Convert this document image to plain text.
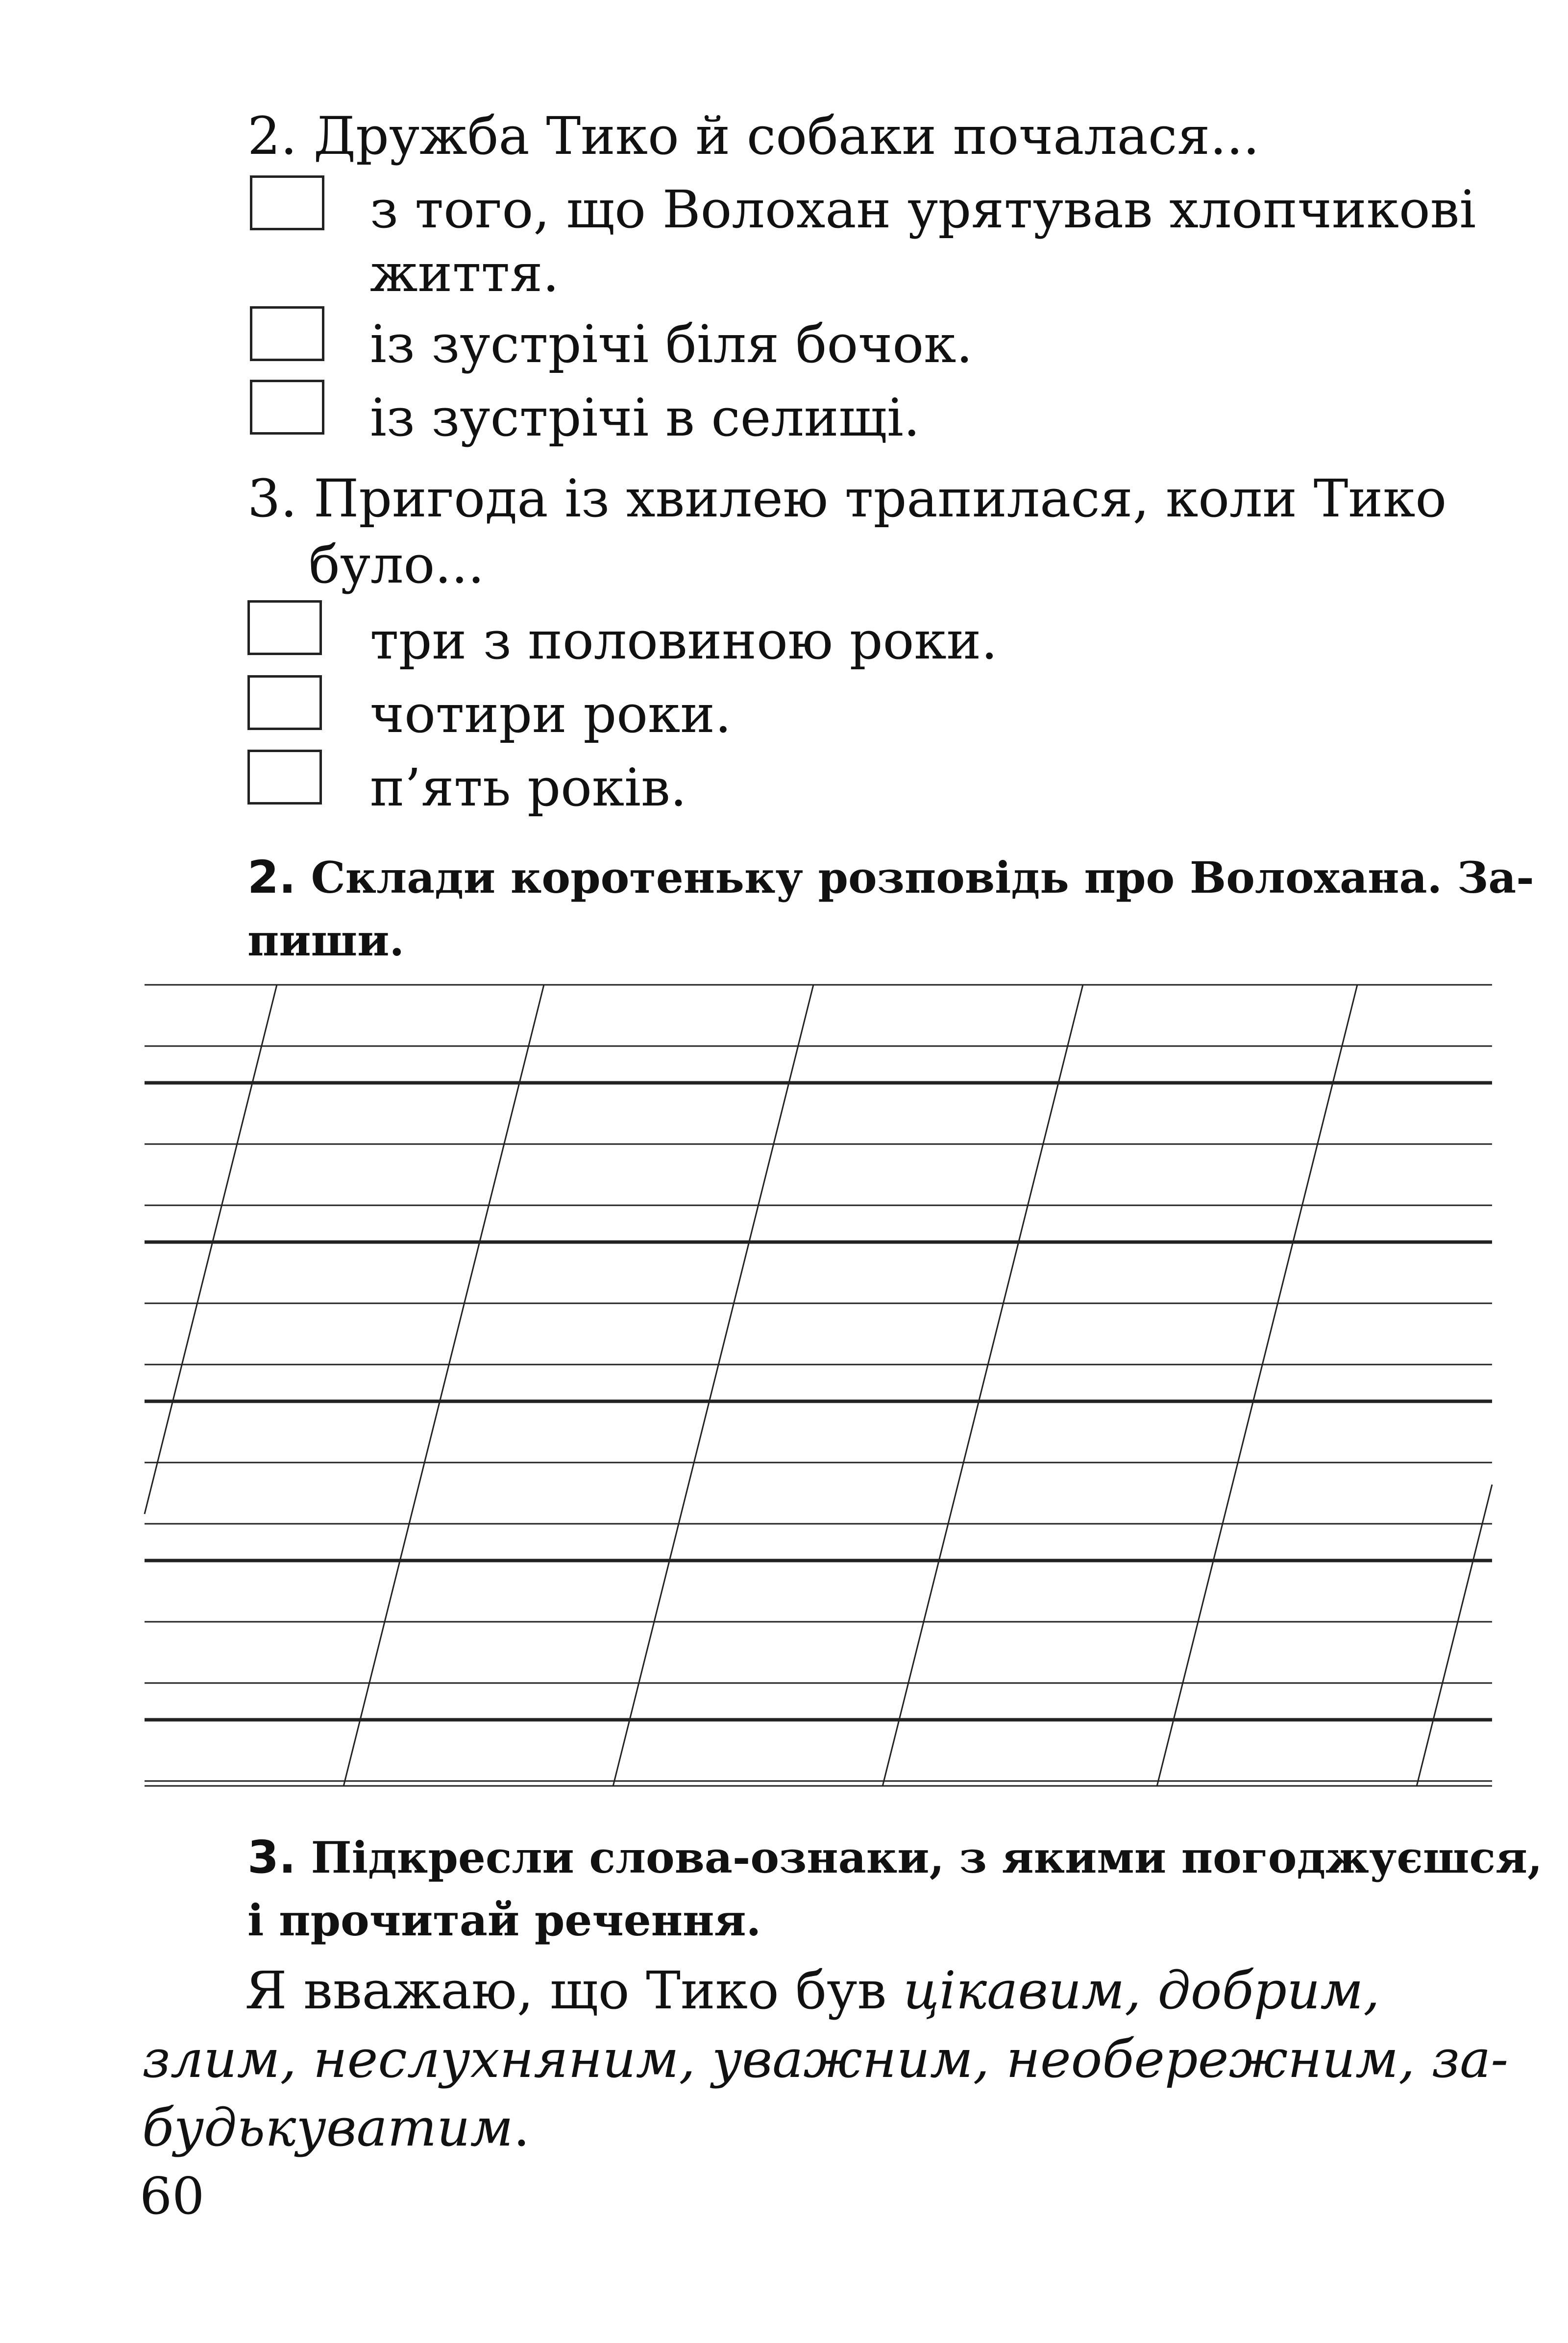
2. Дружба Тико й собаки почалася...
з того, що Волохан урятував хлопчикові
життя.
із зустрічі біля бочок.
із зустрічі в селищі.
3. Пригода із хвилею трапилася, коли Тико
було...
три з половиною роки.
чотири роки.
п’ять років.
2. Склади коротеньку розповідь про Волохана. За-
пиши.
3. Підкресли слова-ознаки, з якими погоджуєшся,
і прочитай речення.
Я вважаю, що Тико був цікавим, добрим,
злим, неслухняним, уважним, необережним, за-
будькуватим.
60
